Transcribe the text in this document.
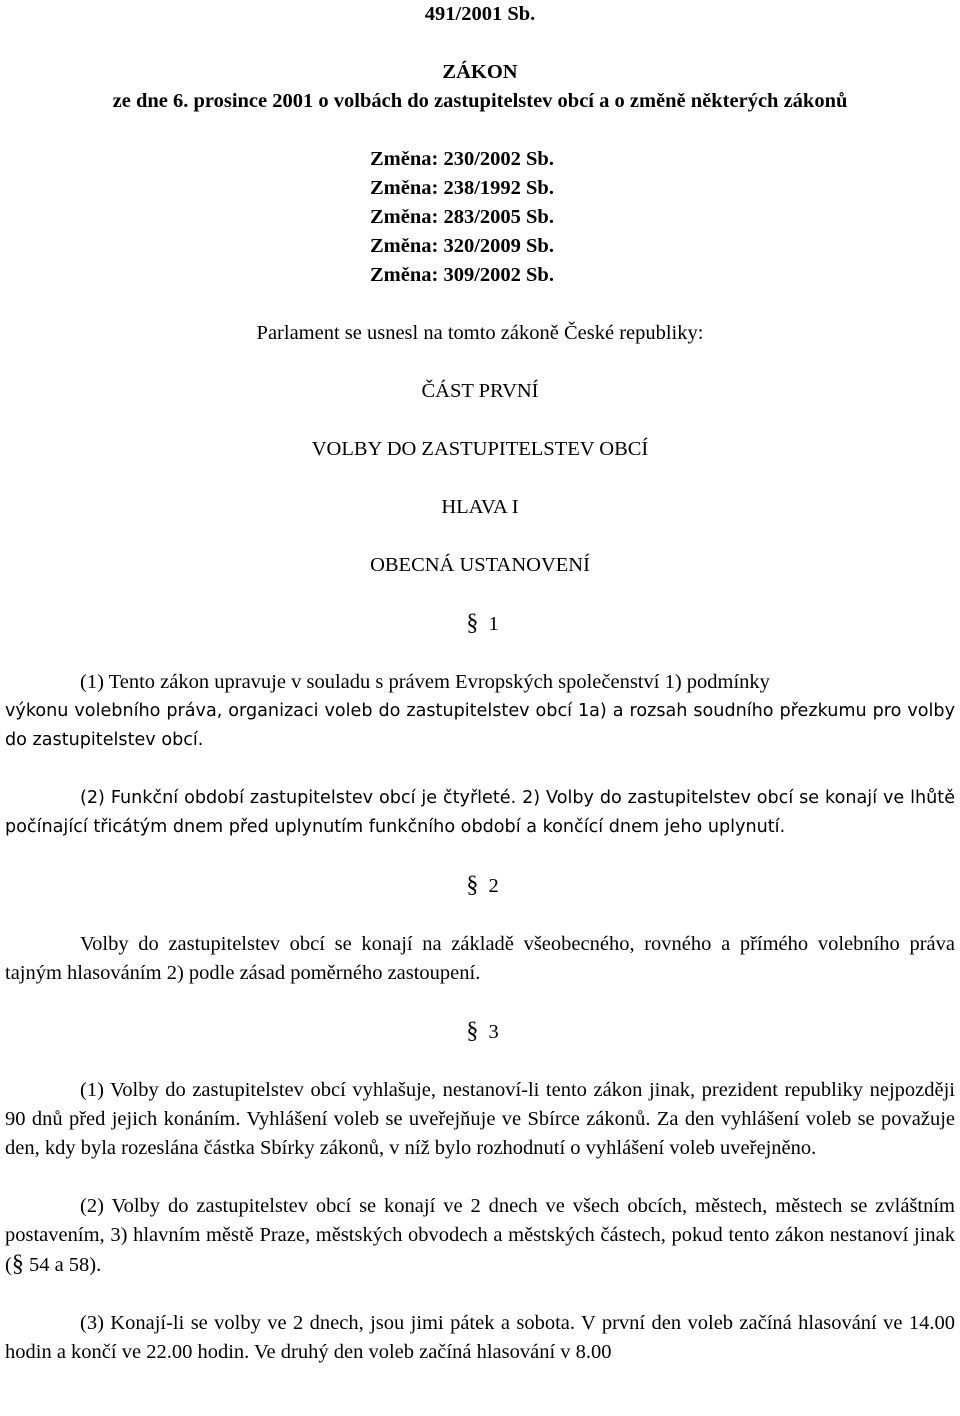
491/2001 Sb.
ZÁKON
ze dne 6. prosince 2001 o volbách do zastupitelstev obcí a o změně některých zákonů
Změna: 230/2002 Sb.
Změna: 238/1992 Sb.
Změna: 283/2005 Sb.
Změna: 320/2009 Sb.
Změna: 309/2002 Sb.
Parlament se usnesl na tomto zákoně České republiky:
ČÁST PRVNÍ
VOLBY DO ZASTUPITELSTEV OBCÍ
HLAVA I
OBECNÁ USTANOVENÍ
§ 1
(1) Tento zákon upravuje v souladu s právem Evropských společenství 1) podmínky
výkonu volebního práva, organizaci voleb do zastupitelstev obcí 1a) a rozsah soudního přezkumu pro volby do zastupitelstev obcí.
(2) Funkční období zastupitelstev obcí je čtyřleté. 2) Volby do zastupitelstev obcí se konají ve lhůtě počínající třicátým dnem před uplynutím funkčního období a končící dnem jeho uplynutí.
§ 2
Volby do zastupitelstev obcí se konají na základě všeobecného, rovného a přímého volebního práva tajným hlasováním 2) podle zásad poměrného zastoupení.
§ 3
(1) Volby do zastupitelstev obcí vyhlašuje, nestanoví-li tento zákon jinak, prezident republiky nejpozději 90 dnů před jejich konáním. Vyhlášení voleb se uveřejňuje ve Sbírce zákonů. Za den vyhlášení voleb se považuje den, kdy byla rozeslána částka Sbírky zákonů, v níž bylo rozhodnutí o vyhlášení voleb uveřejněno.
(2) Volby do zastupitelstev obcí se konají ve 2 dnech ve všech obcích, městech, městech se zvláštním postavením, 3) hlavním městě Praze, městských obvodech a městských částech, pokud tento zákon nestanoví jinak (§ 54 a 58).
(3) Konají-li se volby ve 2 dnech, jsou jimi pátek a sobota. V první den voleb začíná hlasování ve 14.00 hodin a končí ve 22.00 hodin. Ve druhý den voleb začíná hlasování v 8.00
